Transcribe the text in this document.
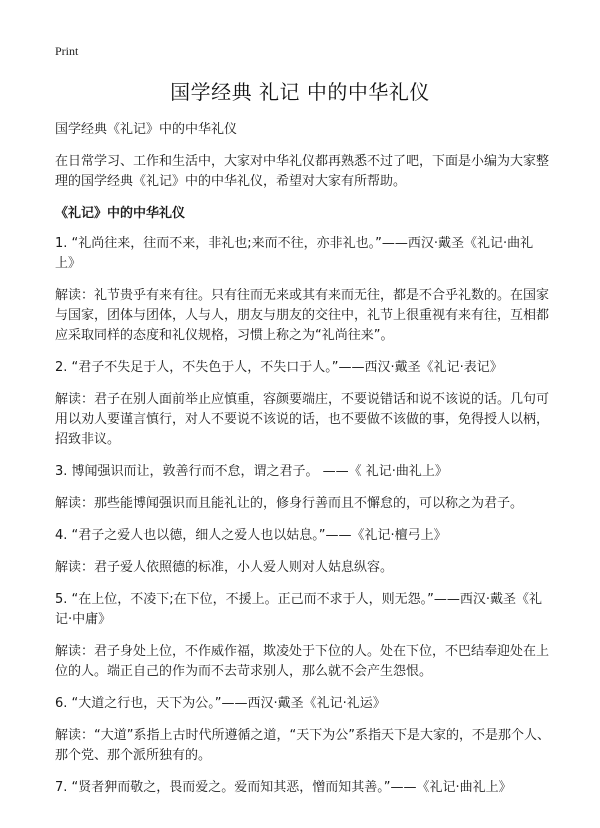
Print
国学经典 礼记 中的中华礼仪

国学经典《礼记》中的中华礼仪

在日常学习、工作和生活中，大家对中华礼仪都再熟悉不过了吧，下面是小编为大家整理的国学经典《礼记》中的中华礼仪，希望对大家有所帮助。

《礼记》中的中华礼仪

1. “礼尚往来，往而不来，非礼也;来而不往，亦非礼也。”——西汉·戴圣《礼记·曲礼上》

解读：礼节贵乎有来有往。只有往而无来或其有来而无往，都是不合乎礼数的。在国家与国家，团体与团体，人与人，朋友与朋友的交往中，礼节上很重视有来有往，互相都应采取同样的态度和礼仪规格，习惯上称之为“礼尚往来”。

2. “君子不失足于人，不失色于人，不失口于人。”——西汉·戴圣《礼记·表记》

解读：君子在别人面前举止应慎重，容颜要端庄，不要说错话和说不该说的话。几句可用以劝人要谨言慎行，对人不要说不该说的话，也不要做不该做的事，免得授人以柄，招致非议。

3. 博闻强识而让，敦善行而不怠，谓之君子。 ——《 礼记·曲礼上》

解读：那些能博闻强识而且能礼让的，修身行善而且不懈怠的，可以称之为君子。

4. “君子之爱人也以德，细人之爱人也以姑息。”——《礼记·檀弓上》

解读：君子爱人依照德的标准，小人爱人则对人姑息纵容。

5. “在上位，不凌下;在下位，不援上。正己而不求于人，则无怨。”——西汉·戴圣《礼记·中庸》

解读：君子身处上位，不作威作福，欺凌处于下位的人。处在下位，不巴结奉迎处在上位的人。端正自己的作为而不去苛求别人，那么就不会产生怨恨。

6. “大道之行也，天下为公。”——西汉·戴圣《礼记·礼运》

解读：“大道”系指上古时代所遵循之道，“天下为公”系指天下是大家的，不是那个人、那个党、那个派所独有的。

7. “贤者狎而敬之，畏而爱之。爱而知其恶，憎而知其善。”——《礼记·曲礼上》
